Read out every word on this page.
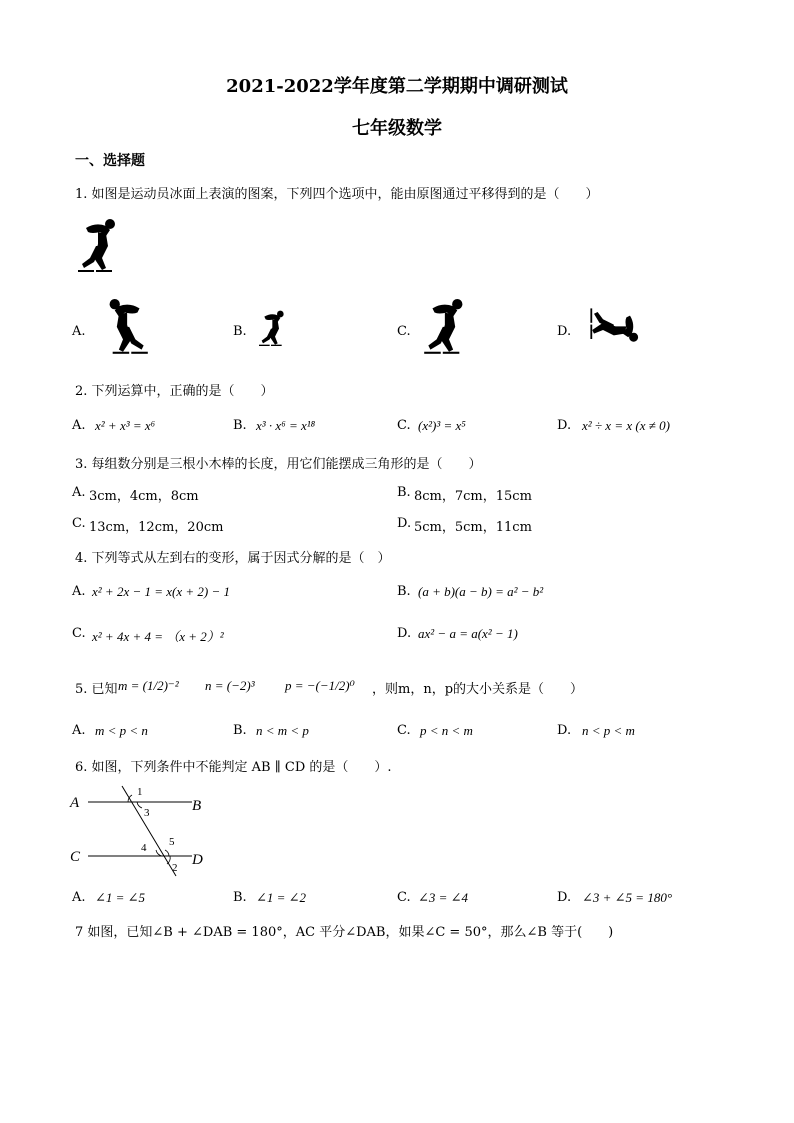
2021-2022学年度第二学期期中调研测试
七年级数学
一、选择题
1. 如图是运动员冰面上表演的图案，下列四个选项中，能由原图通过平移得到的是（　　）
A.	B.	C.	D.
2. 下列运算中，正确的是（　　）
A. x² + x³ = x⁶	B. x³ · x⁶ = x¹⁸	C. (x²)³ = x⁵	D. x² ÷ x = x (x ≠ 0)
3. 每组数分别是三根小木棒的长度，用它们能摆成三角形的是（　　）
A. 3cm，4cm，8cm	B. 8cm，7cm，15cm
C. 13cm，12cm，20cm	D. 5cm，5cm，11cm
4. 下列等式从左到右的变形，属于因式分解的是（　）
A. x² + 2x − 1 = x(x + 2) − 1	B. (a + b)(a − b) = a² − b²
C. x² + 4x + 4 = （x + 2）²	D. ax² − a = a(x² − 1)
5. 已知 m = (1/2)⁻² n = (−2)³ p = −(−1/2)⁰ ，则m，n，p的大小关系是（　　）
A. m < p < n	B. n < m < p	C. p < n < m	D. n < p < m
6. 如图，下列条件中不能判定 AB ∥ CD 的是（　　）.
A	B
C	D
1
3
4 5
2
A. ∠1 = ∠5	B. ∠1 = ∠2	C. ∠3 = ∠4	D. ∠3 + ∠5 = 180°
7 如图，已知∠B + ∠DAB = 180°，AC 平分∠DAB，如果∠C = 50°，那么∠B 等于(　　)
